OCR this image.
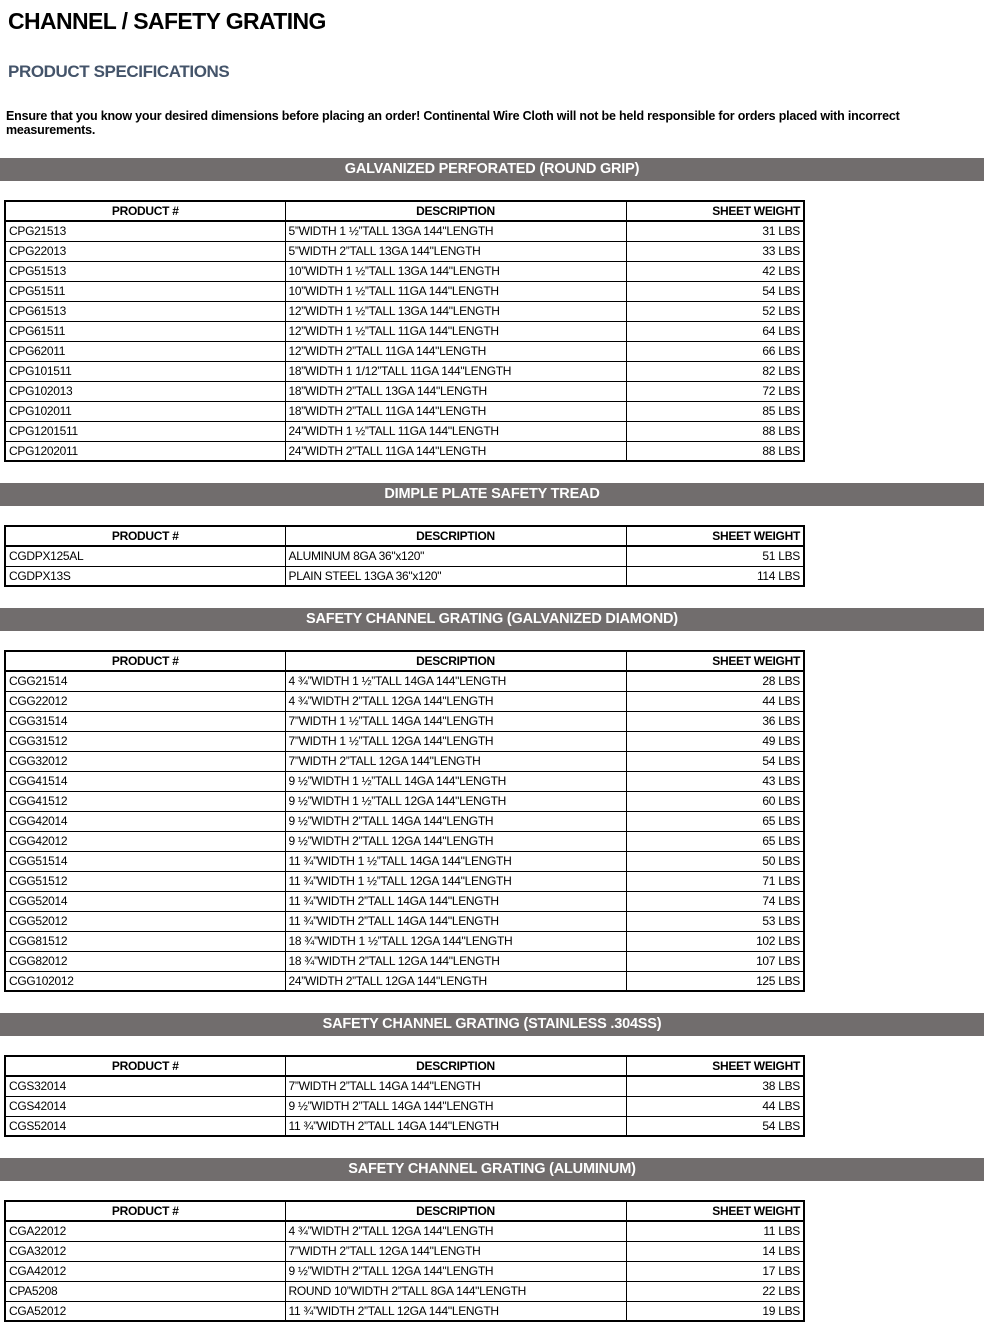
CHANNEL / SAFETY GRATING
PRODUCT SPECIFICATIONS

Ensure that you know your desired dimensions before placing an order! Continental Wire Cloth will not be held responsible for orders placed with incorrect measurements.

GALVANIZED PERFORATED (ROUND GRIP)
PRODUCT #	DESCRIPTION	SHEET WEIGHT
CPG21513	5”WIDTH 1 ½”TALL 13GA 144"LENGTH	31 LBS
CPG22013	5”WIDTH 2”TALL 13GA 144"LENGTH	33 LBS
CPG51513	10”WIDTH 1 ½”TALL 13GA 144"LENGTH	42 LBS
CPG51511	10”WIDTH 1 ½”TALL 11GA 144"LENGTH	54 LBS
CPG61513	12”WIDTH 1 ½”TALL 13GA 144"LENGTH	52 LBS
CPG61511	12”WIDTH 1 ½”TALL 11GA 144"LENGTH	64 LBS
CPG62011	12”WIDTH 2”TALL 11GA 144"LENGTH	66 LBS
CPG101511	18”WIDTH 1 1/12”TALL 11GA 144"LENGTH	82 LBS
CPG102013	18”WIDTH 2”TALL 13GA 144"LENGTH	72 LBS
CPG102011	18”WIDTH 2”TALL 11GA 144"LENGTH	85 LBS
CPG1201511	24”WIDTH 1 ½”TALL 11GA 144"LENGTH	88 LBS
CPG1202011	24”WIDTH 2”TALL 11GA 144"LENGTH	88 LBS
DIMPLE PLATE SAFETY TREAD
PRODUCT #	DESCRIPTION	SHEET WEIGHT
CGDPX125AL	ALUMINUM 8GA 36"x120"	51 LBS
CGDPX13S	PLAIN STEEL 13GA 36"x120"	114 LBS
SAFETY CHANNEL GRATING (GALVANIZED DIAMOND)
PRODUCT #	DESCRIPTION	SHEET WEIGHT
CGG21514	4 ¾”WIDTH 1 ½”TALL 14GA 144"LENGTH	28 LBS
CGG22012	4 ¾”WIDTH 2”TALL 12GA 144"LENGTH	44 LBS
CGG31514	7”WIDTH 1 ½”TALL 14GA 144"LENGTH	36 LBS
CGG31512	7”WIDTH 1 ½”TALL 12GA 144"LENGTH	49 LBS
CGG32012	7”WIDTH 2”TALL 12GA 144"LENGTH	54 LBS
CGG41514	9 ½”WIDTH 1 ½”TALL 14GA 144"LENGTH	43 LBS
CGG41512	9 ½”WIDTH 1 ½”TALL 12GA 144"LENGTH	60 LBS
CGG42014	9 ½”WIDTH 2”TALL 14GA 144"LENGTH	65 LBS
CGG42012	9 ½”WIDTH 2”TALL 12GA 144"LENGTH	65 LBS
CGG51514	11 ¾”WIDTH 1 ½”TALL 14GA 144"LENGTH	50 LBS
CGG51512	11 ¾”WIDTH 1 ½”TALL 12GA 144"LENGTH	71 LBS
CGG52014	11 ¾”WIDTH 2”TALL 14GA 144"LENGTH	74 LBS
CGG52012	11 ¾”WIDTH 2”TALL 14GA 144"LENGTH	53 LBS
CGG81512	18 ¾”WIDTH 1 ½”TALL 12GA 144"LENGTH	102 LBS
CGG82012	18 ¾”WIDTH 2”TALL 12GA 144"LENGTH	107 LBS
CGG102012	24”WIDTH 2”TALL 12GA 144"LENGTH	125 LBS
SAFETY CHANNEL GRATING (STAINLESS .304SS)
PRODUCT #	DESCRIPTION	SHEET WEIGHT
CGS32014	7”WIDTH 2”TALL 14GA 144"LENGTH	38 LBS
CGS42014	9 ½”WIDTH 2”TALL 14GA 144"LENGTH	44 LBS
CGS52014	11 ¾”WIDTH 2”TALL 14GA 144"LENGTH	54 LBS
SAFETY CHANNEL GRATING (ALUMINUM)
PRODUCT #	DESCRIPTION	SHEET WEIGHT
CGA22012	4 ¾”WIDTH 2”TALL 12GA 144"LENGTH	11 LBS
CGA32012	7”WIDTH 2”TALL 12GA 144"LENGTH	14 LBS
CGA42012	9 ½”WIDTH 2”TALL 12GA 144"LENGTH	17 LBS
CPA5208	ROUND 10”WIDTH 2”TALL 8GA 144"LENGTH	22 LBS
CGA52012	11 ¾”WIDTH 2”TALL 12GA 144"LENGTH	19 LBS
